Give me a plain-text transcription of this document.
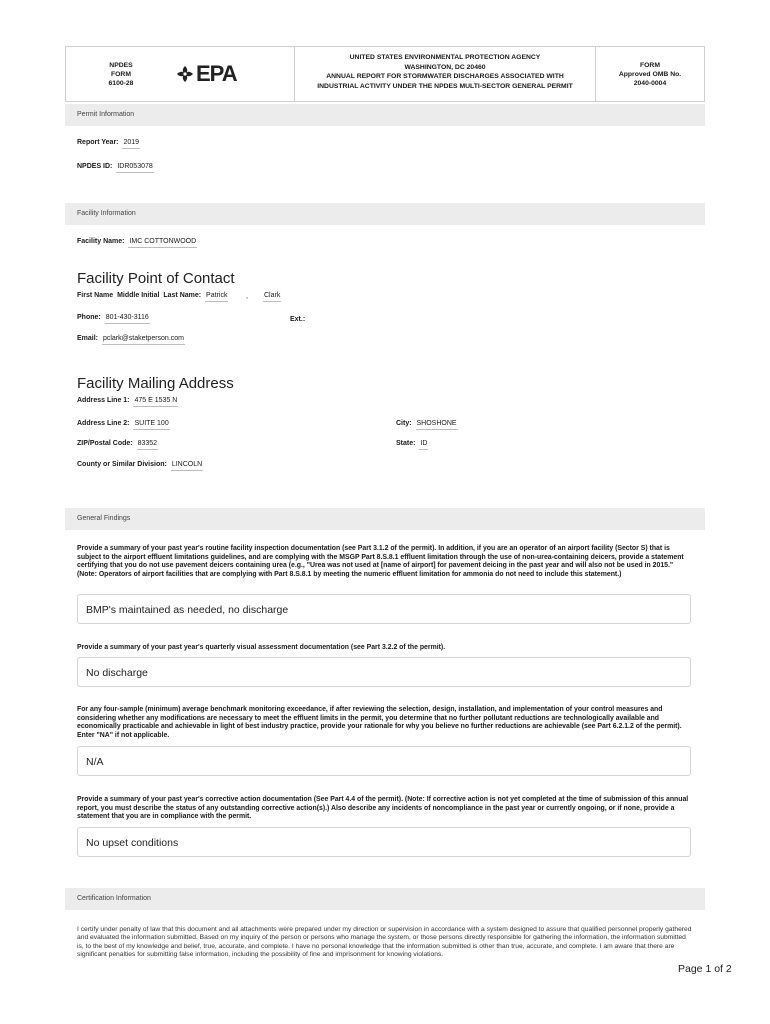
NPDES
FORM
6100-28	EPA
UNITED STATES ENVIRONMENTAL PROTECTION AGENCY
WASHINGTON, DC 20460
ANNUAL REPORT FOR STORMWATER DISCHARGES ASSOCIATED WITH
INDUSTRIAL ACTIVITY UNDER THE NPDES MULTI-SECTOR GENERAL PERMIT
FORM
Approved OMB No.
2040-0004
Permit Information
Report Year: 2019
NPDES ID: IDR053078
Facility Information
Facility Name: IMC COTTONWOOD
Facility Point of Contact
First Name Middle Initial Last Name: Patrick	, Clark
Phone: 801-430-3116	Ext.:
Email: pclark@staketperson.com
Facility Mailing Address
Address Line 1: 475 E 1535 N
Address Line 2: SUITE 100	City: SHOSHONE
ZIP/Postal Code: 83352	State: ID
County or Similar Division: LINCOLN
General Findings
Provide a summary of your past year's routine facility inspection documentation (see Part 3.1.2 of the permit). In addition, if you are an operator of an airport facility (Sector S) that is subject to the airport effluent limitations guidelines, and are complying with the MSGP Part 8.S.8.1 effluent limitation through the use of non-urea-containing deicers, provide a statement certifying that you do not use pavement deicers containing urea (e.g., "Urea was not used at [name of airport] for pavement deicing in the past year and will also not be used in 2015." (Note: Operators of airport facilities that are complying with Part 8.S.8.1 by meeting the numeric effluent limitation for ammonia do not need to include this statement.)
BMP's maintained as needed, no discharge
Provide a summary of your past year's quarterly visual assessment documentation (see Part 3.2.2 of the permit).
No discharge
For any four-sample (minimum) average benchmark monitoring exceedance, if after reviewing the selection, design, installation, and implementation of your control measures and considering whether any modifications are necessary to meet the effluent limits in the permit, you determine that no further pollutant reductions are technologically available and economically practicable and achievable in light of best industry practice, provide your rationale for why you believe no further reductions are achievable (see Part 6.2.1.2 of the permit). Enter "NA" if not applicable.
N/A
Provide a summary of your past year's corrective action documentation (See Part 4.4 of the permit). (Note: If corrective action is not yet completed at the time of submission of this annual report, you must describe the status of any outstanding corrective action(s).) Also describe any incidents of noncompliance in the past year or currently ongoing, or if none, provide a statement that you are in compliance with the permit.
No upset conditions
Certification Information
I certify under penalty of law that this document and all attachments were prepared under my direction or supervision in accordance with a system designed to assure that qualified personnel properly gathered and evaluated the information submitted. Based on my inquiry of the person or persons who manage the system, or those persons directly responsible for gathering the information, the information submitted is, to the best of my knowledge and belief, true, accurate, and complete. I have no personal knowledge that the information submitted is other than true, accurate, and complete. I am aware that there are significant penalties for submitting false information, including the possibility of fine and imprisonment for knowing violations.
Page 1 of 2
